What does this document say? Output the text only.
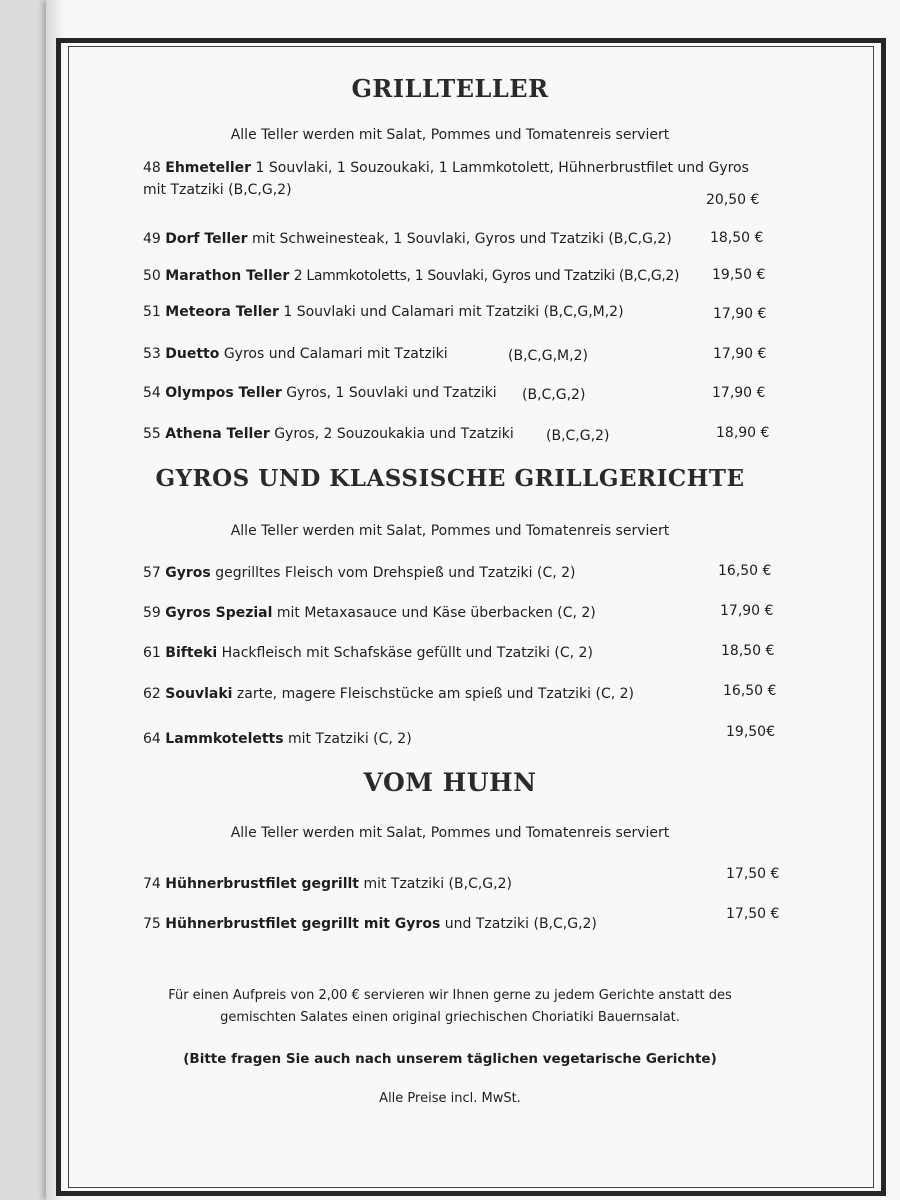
GRILLTELLER
Alle Teller werden mit Salat, Pommes und Tomatenreis serviert
48 Ehmeteller 1 Souvlaki, 1 Souzoukaki, 1 Lammkotolett, Hühnerbrustfilet und Gyros
mit Tzatziki (B,C,G,2)
20,50 €
49 Dorf Teller mit Schweinesteak, 1 Souvlaki, Gyros und Tzatziki (B,C,G,2)	18,50 €
50 Marathon Teller 2 Lammkotoletts, 1 Souvlaki, Gyros und Tzatziki (B,C,G,2) 19,50 €
51 Meteora Teller 1 Souvlaki und Calamari mit Tzatziki (B,C,G,M,2)	17,90 €
53 Duetto Gyros und Calamari mit Tzatziki	(B,C,G,M,2)	17,90 €
54 Olympos Teller Gyros, 1 Souvlaki und Tzatziki (B,C,G,2)	17,90 €
55 Athena Teller Gyros, 2 Souzoukakia und Tzatziki (B,C,G,2)	18,90 €
GYROS UND KLASSISCHE GRILLGERICHTE
Alle Teller werden mit Salat, Pommes und Tomatenreis serviert
57 Gyros gegrilltes Fleisch vom Drehspieß und Tzatziki (C, 2)	16,50 €
59 Gyros Spezial mit Metaxasauce und Käse überbacken (C, 2)	17,90 €
61 Bifteki Hackfleisch mit Schafskäse gefüllt und Tzatziki (C, 2)	18,50 €
62 Souvlaki zarte, magere Fleischstücke am spieß und Tzatziki (C, 2)	16,50 €
64 Lammkoteletts mit Tzatziki (C, 2)	19,50€
VOM HUHN
Alle Teller werden mit Salat, Pommes und Tomatenreis serviert
74 Hühnerbrustfilet gegrillt mit Tzatziki (B,C,G,2)
17,50 €
75 Hühnerbrustfilet gegrillt mit Gyros und Tzatziki (B,C,G,2)
17,50 €
Für einen Aufpreis von 2,00 € servieren wir Ihnen gerne zu jedem Gerichte anstatt des
gemischten Salates einen original griechischen Choriatiki Bauernsalat.
(Bitte fragen Sie auch nach unserem täglichen vegetarische Gerichte)
Alle Preise incl. MwSt.
